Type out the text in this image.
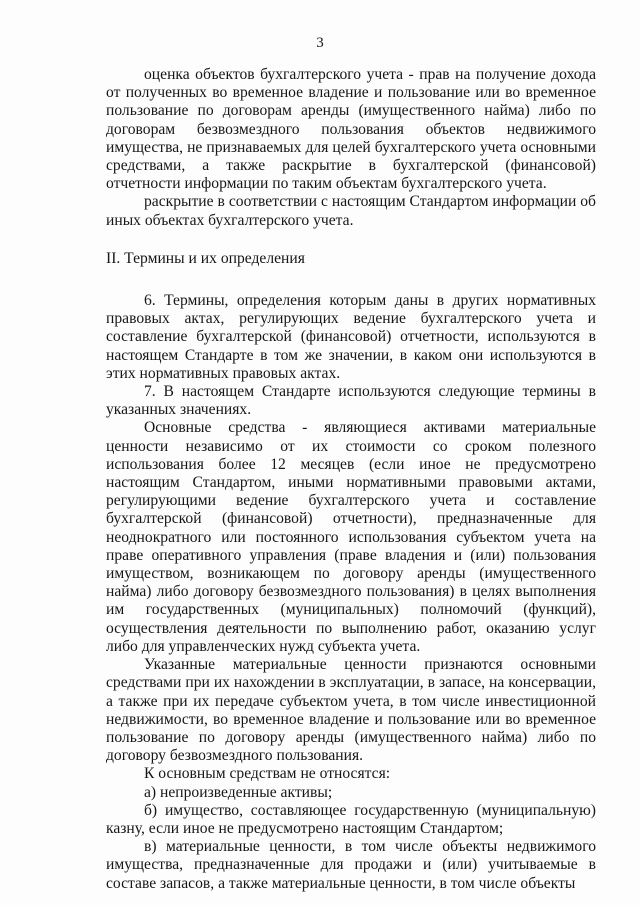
3

оценка объектов бухгалтерского учета - прав на получение дохода от полученных во временное владение и пользование или во временное пользование по договорам аренды (имущественного найма) либо по договорам безвозмездного пользования объектов недвижимого имущества, не признаваемых для целей бухгалтерского учета основными средствами, а также раскрытие в бухгалтерской (финансовой) отчетности информации по таким объектам бухгалтерского учета.

раскрытие в соответствии с настоящим Стандартом информации об иных объектах бухгалтерского учета.

II. Термины и их определения

6. Термины, определения которым даны в других нормативных правовых актах, регулирующих ведение бухгалтерского учета и составление бухгалтерской (финансовой) отчетности, используются в настоящем Стандарте в том же значении, в каком они используются в этих нормативных правовых актах.

7. В настоящем Стандарте используются следующие термины в указанных значениях.

Основные средства - являющиеся активами материальные ценности независимо от их стоимости со сроком полезного использования более 12 месяцев (если иное не предусмотрено настоящим Стандартом, иными нормативными правовыми актами, регулирующими ведение бухгалтерского учета и составление бухгалтерской (финансовой) отчетности), предназначенные для неоднократного или постоянного использования субъектом учета на праве оперативного управления (праве владения и (или) пользования имуществом, возникающем по договору аренды (имущественного найма) либо договору безвозмездного пользования) в целях выполнения им государственных (муниципальных) полномочий (функций), осуществления деятельности по выполнению работ, оказанию услуг либо для управленческих нужд субъекта учета.

Указанные материальные ценности признаются основными средствами при их нахождении в эксплуатации, в запасе, на консервации, а также при их передаче субъектом учета, в том числе инвестиционной недвижимости, во временное владение и пользование или во временное пользование по договору аренды (имущественного найма) либо по договору безвозмездного пользования.

К основным средствам не относятся:

а) непроизведенные активы;

б) имущество, составляющее государственную (муниципальную) казну, если иное не предусмотрено настоящим Стандартом;

в) материальные ценности, в том числе объекты недвижимого имущества, предназначенные для продажи и (или) учитываемые в составе запасов, а также материальные ценности, в том числе объекты
